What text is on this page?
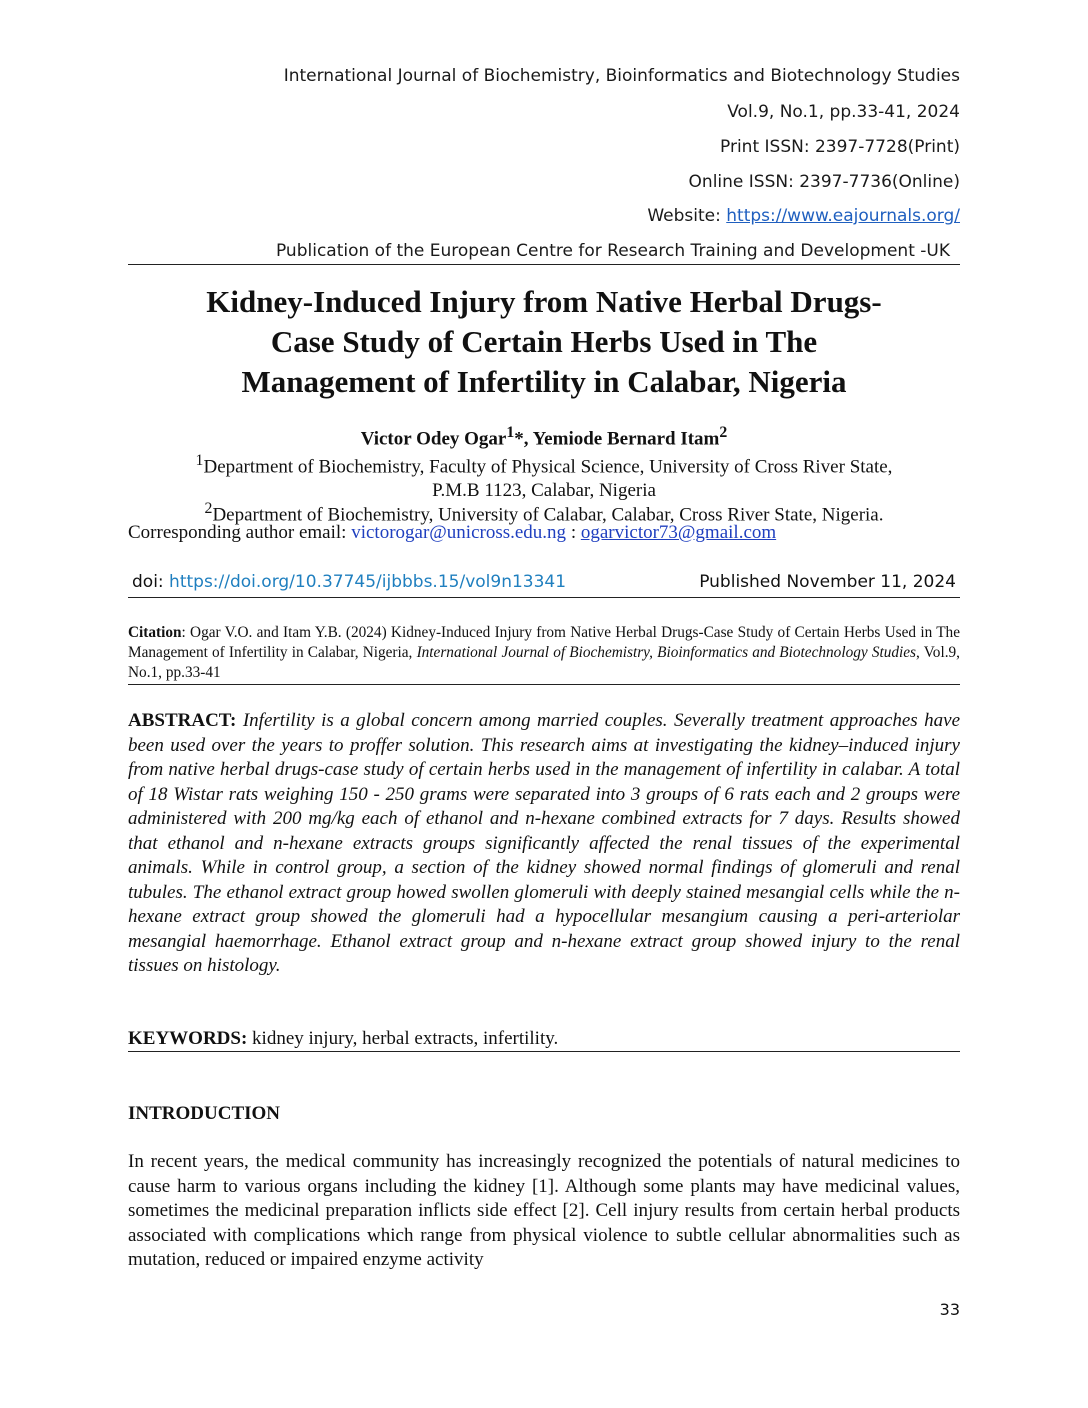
International Journal of Biochemistry, Bioinformatics and Biotechnology Studies
Vol.9, No.1, pp.33-41, 2024
Print ISSN: 2397-7728(Print)
Online ISSN: 2397-7736(Online)
Website: https://www.eajournals.org/
Publication of the European Centre for Research Training and Development -UK
Kidney-Induced Injury from Native Herbal Drugs-
Case Study of Certain Herbs Used in The
Management of Infertility in Calabar, Nigeria
Victor Odey Ogar$^1$*, Yemiode Bernard Itam$^2$
$^1$Department of Biochemistry, Faculty of Physical Science, University of Cross River State,
P.M.B 1123, Calabar, Nigeria
$^2$Department of Biochemistry, University of Calabar, Calabar, Cross River State, Nigeria.
Corresponding author email: victorogar@unicross.edu.ng : ogarvictor73@gmail.com
doi: https://doi.org/10.37745/ijbbbs.15/vol9n13341	Published November 11, 2024
Citation: Ogar V.O. and Itam Y.B. (2024) Kidney-Induced Injury from Native Herbal Drugs-Case Study of Certain Herbs Used in The Management of Infertility in Calabar, Nigeria, International Journal of Biochemistry, Bioinformatics and Biotechnology Studies, Vol.9, No.1, pp.33-41
ABSTRACT: Infertility is a global concern among married couples. Severally treatment approaches have been used over the years to proffer solution. This research aims at investigating the kidney–induced injury from native herbal drugs-case study of certain herbs used in the management of infertility in calabar. A total of 18 Wistar rats weighing 150 - 250 grams were separated into 3 groups of 6 rats each and 2 groups were administered with 200 mg/kg each of ethanol and n-hexane combined extracts for 7 days. Results showed that ethanol and n-hexane extracts groups significantly affected the renal tissues of the experimental animals. While in control group, a section of the kidney showed normal findings of glomeruli and renal tubules. The ethanol extract group howed swollen glomeruli with deeply stained mesangial cells while the n-hexane extract group showed the glomeruli had a hypocellular mesangium causing a peri-arteriolar mesangial haemorrhage. Ethanol extract group and n-hexane extract group showed injury to the renal tissues on histology.
KEYWORDS: kidney injury, herbal extracts, infertility.
INTRODUCTION
In recent years, the medical community has increasingly recognized the potentials of natural medicines to cause harm to various organs including the kidney [1]. Although some plants may have medicinal values, sometimes the medicinal preparation inflicts side effect [2]. Cell injury results from certain herbal products associated with complications which range from physical violence to subtle cellular abnormalities such as mutation, reduced or impaired enzyme activity
33
